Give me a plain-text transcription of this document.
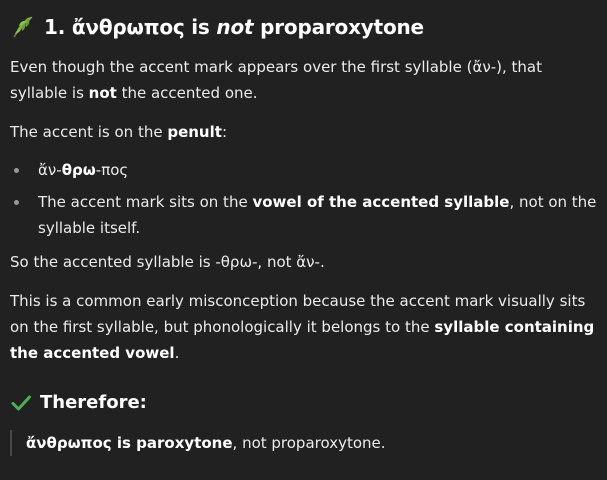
1.
ἄνθρωπος
is
not
proparoxytone

Even though the accent mark appears over the first syllable (ἄν-), that syllable is not the accented one.

The accent is on the penult:

ἄν-θρω-πος
The accent mark sits on the vowel of the accented syllable, not on the syllable itself.

So the accented syllable is -θρω-, not ἄν-.

This is a common early misconception because the accent mark visually sits on the first syllable, but phonologically it belongs to the syllable containing the accented vowel.

Therefore:
ἄνθρωπος is paroxytone, not proparoxytone.
